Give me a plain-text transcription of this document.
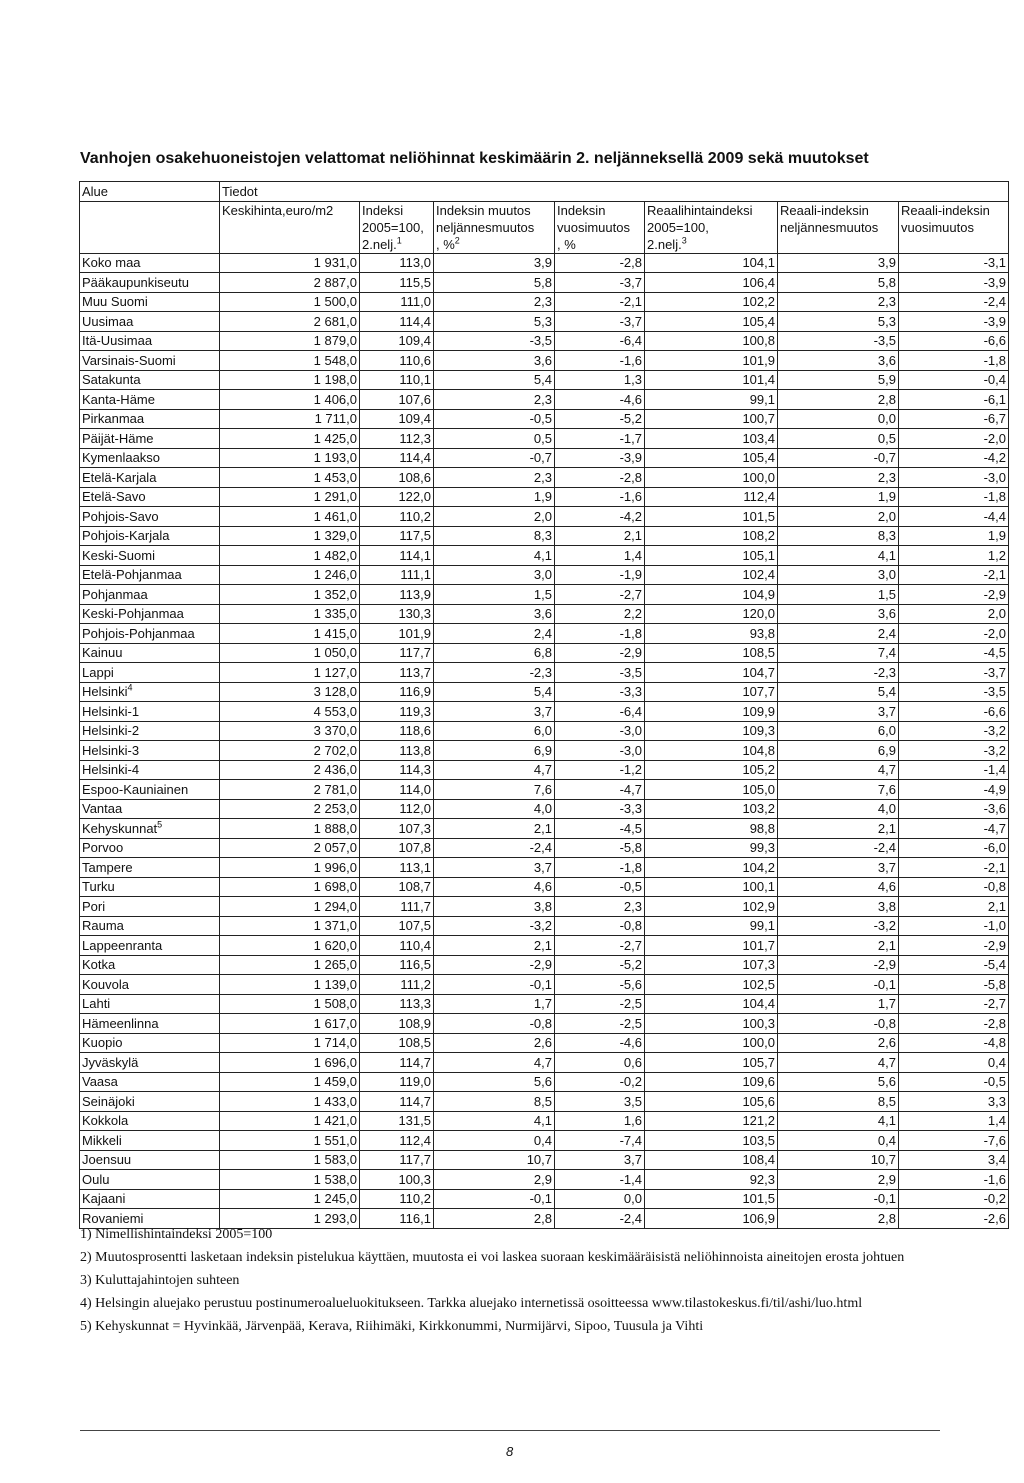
Vanhojen osakehuoneistojen velattomat neliöhinnat keskimäärin 2. neljänneksellä 2009 sekä muutokset
Alue	Tiedot						

	Keskihinta,euro/m2	Indeksi
2005=100,
2.nelj.$^1$	Indeksin muutos
neljännesmuutos
, %$^2$	Indeksin
vuosimuutos
, %	Reaalihintaindeksi
2005=100,
2.nelj.$^3$	Reaali-indeksin
neljännesmuutos	Reaali-indeksin
vuosimuutos

Koko maa	1 931,0	113,0	3,9	-2,8	104,1	3,9	-3,1
Pääkaupunkiseutu	2 887,0	115,5	5,8	-3,7	106,4	5,8	-3,9
Muu Suomi	1 500,0	111,0	2,3	-2,1	102,2	2,3	-2,4
Uusimaa	2 681,0	114,4	5,3	-3,7	105,4	5,3	-3,9
Itä-Uusimaa	1 879,0	109,4	-3,5	-6,4	100,8	-3,5	-6,6
Varsinais-Suomi	1 548,0	110,6	3,6	-1,6	101,9	3,6	-1,8
Satakunta	1 198,0	110,1	5,4	1,3	101,4	5,9	-0,4
Kanta-Häme	1 406,0	107,6	2,3	-4,6	99,1	2,8	-6,1
Pirkanmaa	1 711,0	109,4	-0,5	-5,2	100,7	0,0	-6,7
Päijät-Häme	1 425,0	112,3	0,5	-1,7	103,4	0,5	-2,0
Kymenlaakso	1 193,0	114,4	-0,7	-3,9	105,4	-0,7	-4,2
Etelä-Karjala	1 453,0	108,6	2,3	-2,8	100,0	2,3	-3,0
Etelä-Savo	1 291,0	122,0	1,9	-1,6	112,4	1,9	-1,8
Pohjois-Savo	1 461,0	110,2	2,0	-4,2	101,5	2,0	-4,4
Pohjois-Karjala	1 329,0	117,5	8,3	2,1	108,2	8,3	1,9
Keski-Suomi	1 482,0	114,1	4,1	1,4	105,1	4,1	1,2
Etelä-Pohjanmaa	1 246,0	111,1	3,0	-1,9	102,4	3,0	-2,1
Pohjanmaa	1 352,0	113,9	1,5	-2,7	104,9	1,5	-2,9
Keski-Pohjanmaa	1 335,0	130,3	3,6	2,2	120,0	3,6	2,0
Pohjois-Pohjanmaa	1 415,0	101,9	2,4	-1,8	93,8	2,4	-2,0
Kainuu	1 050,0	117,7	6,8	-2,9	108,5	7,4	-4,5
Lappi	1 127,0	113,7	-2,3	-3,5	104,7	-2,3	-3,7
Helsinki$^4$	3 128,0	116,9	5,4	-3,3	107,7	5,4	-3,5
Helsinki-1	4 553,0	119,3	3,7	-6,4	109,9	3,7	-6,6
Helsinki-2	3 370,0	118,6	6,0	-3,0	109,3	6,0	-3,2
Helsinki-3	2 702,0	113,8	6,9	-3,0	104,8	6,9	-3,2
Helsinki-4	2 436,0	114,3	4,7	-1,2	105,2	4,7	-1,4
Espoo-Kauniainen	2 781,0	114,0	7,6	-4,7	105,0	7,6	-4,9
Vantaa	2 253,0	112,0	4,0	-3,3	103,2	4,0	-3,6
Kehyskunnat$^5$	1 888,0	107,3	2,1	-4,5	98,8	2,1	-4,7
Porvoo	2 057,0	107,8	-2,4	-5,8	99,3	-2,4	-6,0
Tampere	1 996,0	113,1	3,7	-1,8	104,2	3,7	-2,1
Turku	1 698,0	108,7	4,6	-0,5	100,1	4,6	-0,8
Pori	1 294,0	111,7	3,8	2,3	102,9	3,8	2,1
Rauma	1 371,0	107,5	-3,2	-0,8	99,1	-3,2	-1,0
Lappeenranta	1 620,0	110,4	2,1	-2,7	101,7	2,1	-2,9
Kotka	1 265,0	116,5	-2,9	-5,2	107,3	-2,9	-5,4
Kouvola	1 139,0	111,2	-0,1	-5,6	102,5	-0,1	-5,8
Lahti	1 508,0	113,3	1,7	-2,5	104,4	1,7	-2,7
Hämeenlinna	1 617,0	108,9	-0,8	-2,5	100,3	-0,8	-2,8
Kuopio	1 714,0	108,5	2,6	-4,6	100,0	2,6	-4,8
Jyväskylä	1 696,0	114,7	4,7	0,6	105,7	4,7	0,4
Vaasa	1 459,0	119,0	5,6	-0,2	109,6	5,6	-0,5
Seinäjoki	1 433,0	114,7	8,5	3,5	105,6	8,5	3,3
Kokkola	1 421,0	131,5	4,1	1,6	121,2	4,1	1,4
Mikkeli	1 551,0	112,4	0,4	-7,4	103,5	0,4	-7,6
Joensuu	1 583,0	117,7	10,7	3,7	108,4	10,7	3,4
Oulu	1 538,0	100,3	2,9	-1,4	92,3	2,9	-1,6
Kajaani	1 245,0	110,2	-0,1	0,0	101,5	-0,1	-0,2
Rovaniemi	1 293,0	116,1	2,8	-2,4	106,9	2,8	-2,6

1) Nimellishintaindeksi 2005=100

2) Muutosprosentti lasketaan indeksin pistelukua käyttäen, muutosta ei voi laskea suoraan keskimääräisistä neliöhinnoista aineitojen erosta johtuen

3) Kuluttajahintojen suhteen

4) Helsingin aluejako perustuu postinumeroalueluokitukseen. Tarkka aluejako internetissä osoitteessa www.tilastokeskus.fi/til/ashi/luo.html

5) Kehyskunnat = Hyvinkää, Järvenpää, Kerava, Riihimäki, Kirkkonummi, Nurmijärvi, Sipoo, Tuusula ja Vihti

8
